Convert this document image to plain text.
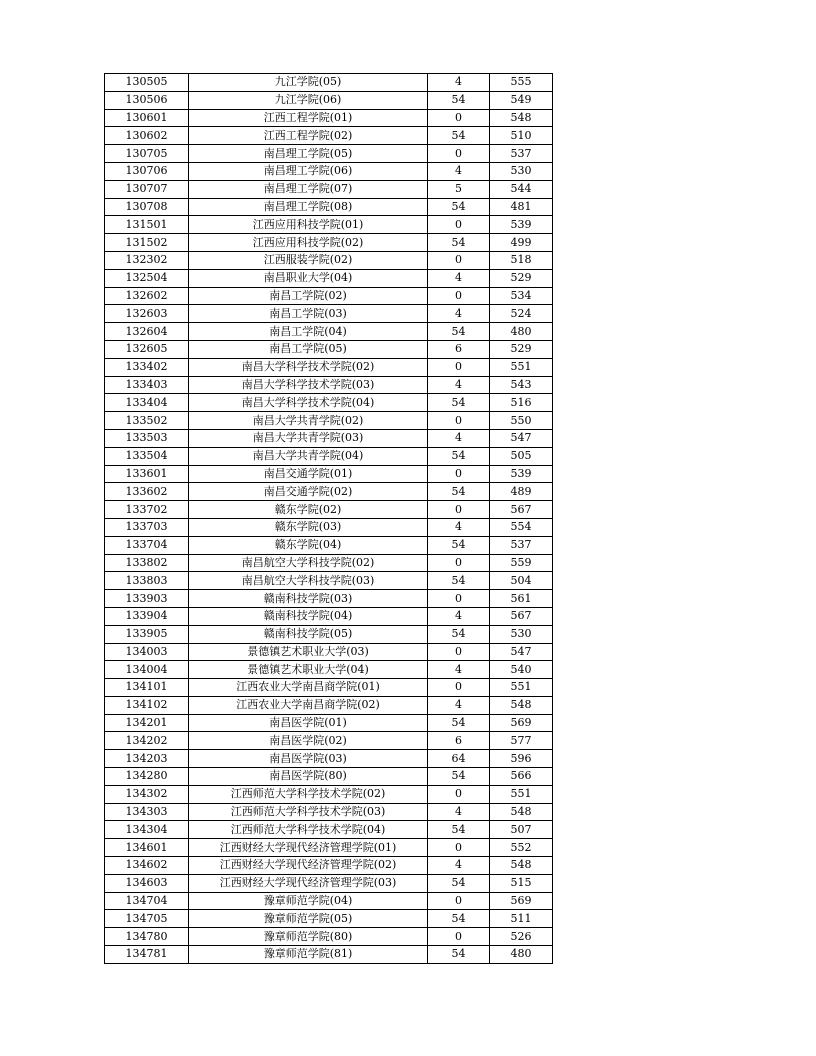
130505	九江学院(05)	4	555
130506	九江学院(06)	54	549
130601	江西工程学院(01)	0	548
130602	江西工程学院(02)	54	510
130705	南昌理工学院(05)	0	537
130706	南昌理工学院(06)	4	530
130707	南昌理工学院(07)	5	544
130708	南昌理工学院(08)	54	481
131501	江西应用科技学院(01)	0	539
131502	江西应用科技学院(02)	54	499
132302	江西服装学院(02)	0	518
132504	南昌职业大学(04)	4	529
132602	南昌工学院(02)	0	534
132603	南昌工学院(03)	4	524
132604	南昌工学院(04)	54	480
132605	南昌工学院(05)	6	529
133402	南昌大学科学技术学院(02)	0	551
133403	南昌大学科学技术学院(03)	4	543
133404	南昌大学科学技术学院(04)	54	516
133502	南昌大学共青学院(02)	0	550
133503	南昌大学共青学院(03)	4	547
133504	南昌大学共青学院(04)	54	505
133601	南昌交通学院(01)	0	539
133602	南昌交通学院(02)	54	489
133702	赣东学院(02)	0	567
133703	赣东学院(03)	4	554
133704	赣东学院(04)	54	537
133802	南昌航空大学科技学院(02)	0	559
133803	南昌航空大学科技学院(03)	54	504
133903	赣南科技学院(03)	0	561
133904	赣南科技学院(04)	4	567
133905	赣南科技学院(05)	54	530
134003	景德镇艺术职业大学(03)	0	547
134004	景德镇艺术职业大学(04)	4	540
134101	江西农业大学南昌商学院(01)	0	551
134102	江西农业大学南昌商学院(02)	4	548
134201	南昌医学院(01)	54	569
134202	南昌医学院(02)	6	577
134203	南昌医学院(03)	64	596
134280	南昌医学院(80)	54	566
134302	江西师范大学科学技术学院(02)	0	551
134303	江西师范大学科学技术学院(03)	4	548
134304	江西师范大学科学技术学院(04)	54	507
134601	江西财经大学现代经济管理学院(01)	0	552
134602	江西财经大学现代经济管理学院(02)	4	548
134603	江西财经大学现代经济管理学院(03)	54	515
134704	豫章师范学院(04)	0	569
134705	豫章师范学院(05)	54	511
134780	豫章师范学院(80)	0	526
134781	豫章师范学院(81)	54	480
